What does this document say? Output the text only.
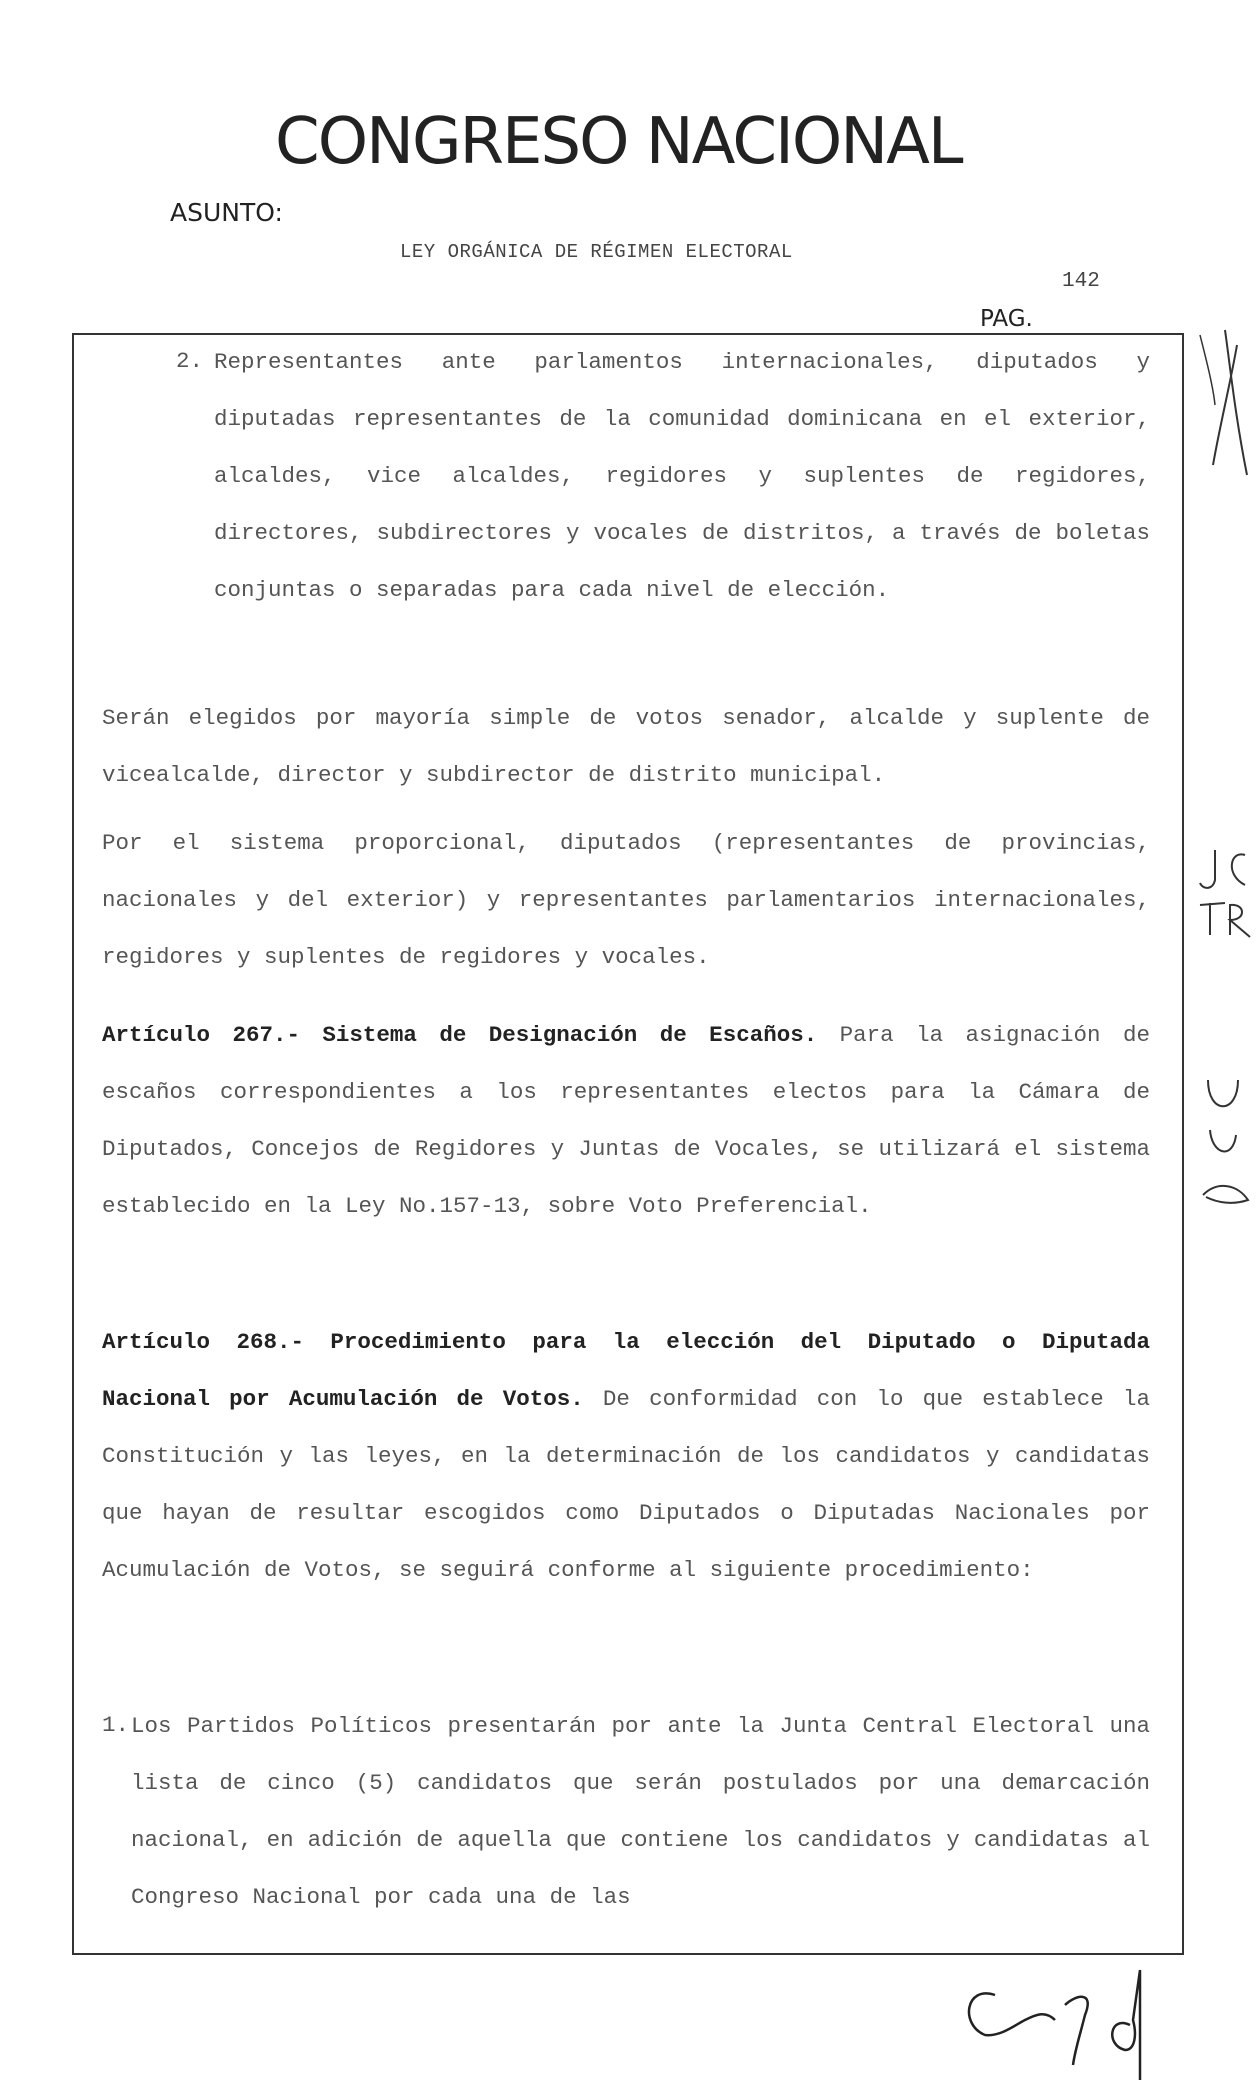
CONGRESO NACIONAL
ASUNTO:
LEY ORGÁNICA DE RÉGIMEN ELECTORAL
142
PAG.
2. Representantes ante parlamentos internacionales, diputados y diputadas representantes de la comunidad dominicana en el exterior, alcaldes, vice alcaldes, regidores y suplentes de regidores, directores, subdirectores y vocales de distritos, a través de boletas conjuntas o separadas para cada nivel de elección.
Serán elegidos por mayoría simple de votos senador, alcalde y suplente de vicealcalde, director y subdirector de distrito municipal.
Por el sistema proporcional, diputados (representantes de provincias, nacionales y del exterior) y representantes parlamentarios internacionales, regidores y suplentes de regidores y vocales.
Artículo 267.- Sistema de Designación de Escaños. Para la asignación de escaños correspondientes a los representantes electos para la Cámara de Diputados, Concejos de Regidores y Juntas de Vocales, se utilizará el sistema establecido en la Ley No.157-13, sobre Voto Preferencial.
Artículo 268.- Procedimiento para la elección del Diputado o Diputada Nacional por Acumulación de Votos. De conformidad con lo que establece la Constitución y las leyes, en la determinación de los candidatos y candidatas que hayan de resultar escogidos como Diputados o Diputadas Nacionales por Acumulación de Votos, se seguirá conforme al siguiente procedimiento:
1. Los Partidos Políticos presentarán por ante la Junta Central Electoral una lista de cinco (5) candidatos que serán postulados por una demarcación nacional, en adición de aquella que contiene los candidatos y candidatas al Congreso Nacional por cada una de las
